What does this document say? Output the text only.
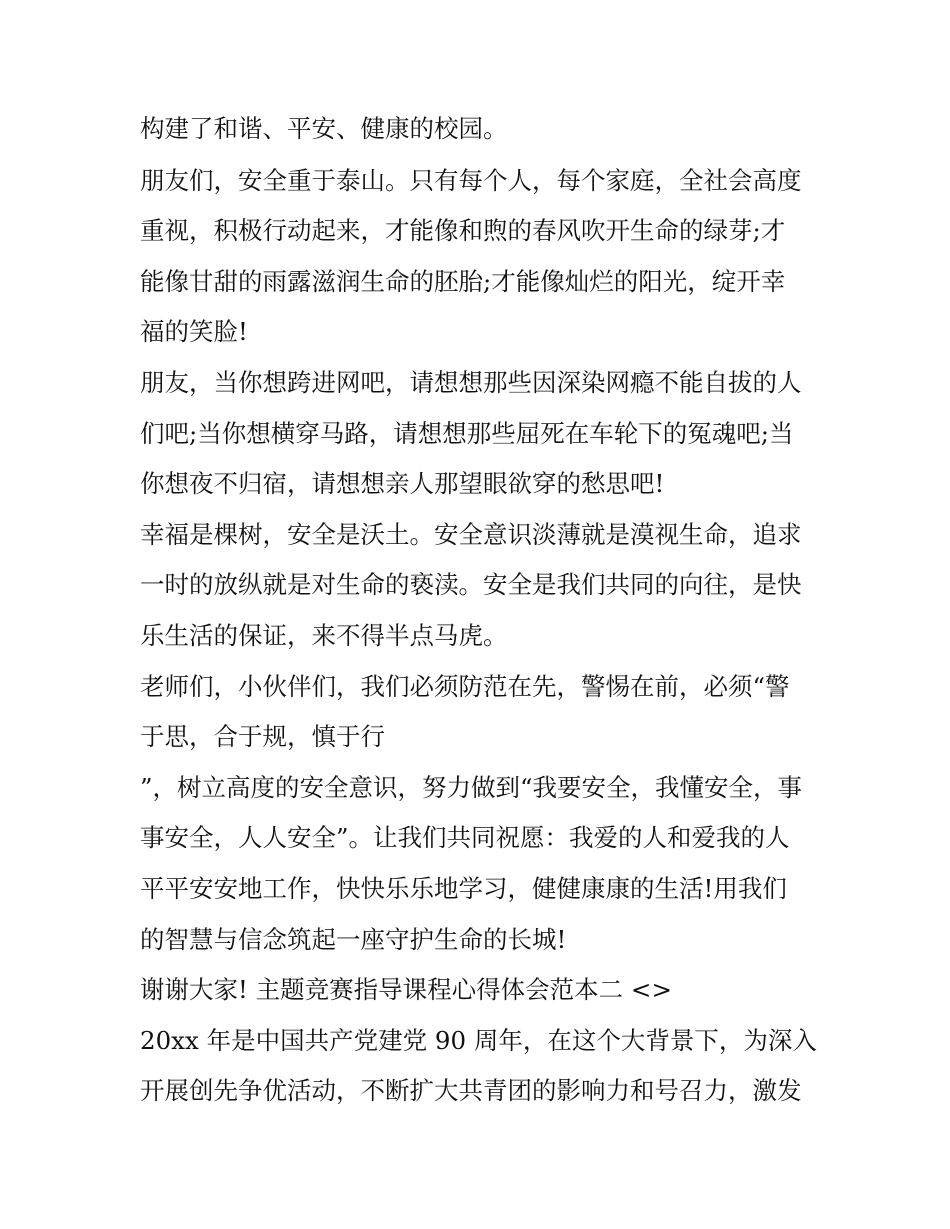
构建了和谐、平安、健康的校园。
朋友们，安全重于泰山。只有每个人，每个家庭，全社会高度
重视，积极行动起来，才能像和煦的春风吹开生命的绿芽;才
能像甘甜的雨露滋润生命的胚胎;才能像灿烂的阳光，绽开幸
福的笑脸!
朋友，当你想跨进网吧，请想想那些因深染网瘾不能自拔的人
们吧;当你想横穿马路，请想想那些屈死在车轮下的冤魂吧;当
你想夜不归宿，请想想亲人那望眼欲穿的愁思吧!
幸福是棵树，安全是沃土。安全意识淡薄就是漠视生命，追求
一时的放纵就是对生命的亵渎。安全是我们共同的向往，是快
乐生活的保证，来不得半点马虎。
老师们，小伙伴们，我们必须防范在先，警惕在前，必须“警
于思，合于规，慎于行
”，树立高度的安全意识，努力做到“我要安全，我懂安全，事
事安全，人人安全”。让我们共同祝愿：我爱的人和爱我的人
平平安安地工作，快快乐乐地学习，健健康康的生活!用我们
的智慧与信念筑起一座守护生命的长城!
谢谢大家! 主题竞赛指导课程心得体会范本二 <>
20xx 年是中国共产党建党 90 周年，在这个大背景下，为深入
开展创先争优活动，不断扩大共青团的影响力和号召力，激发
